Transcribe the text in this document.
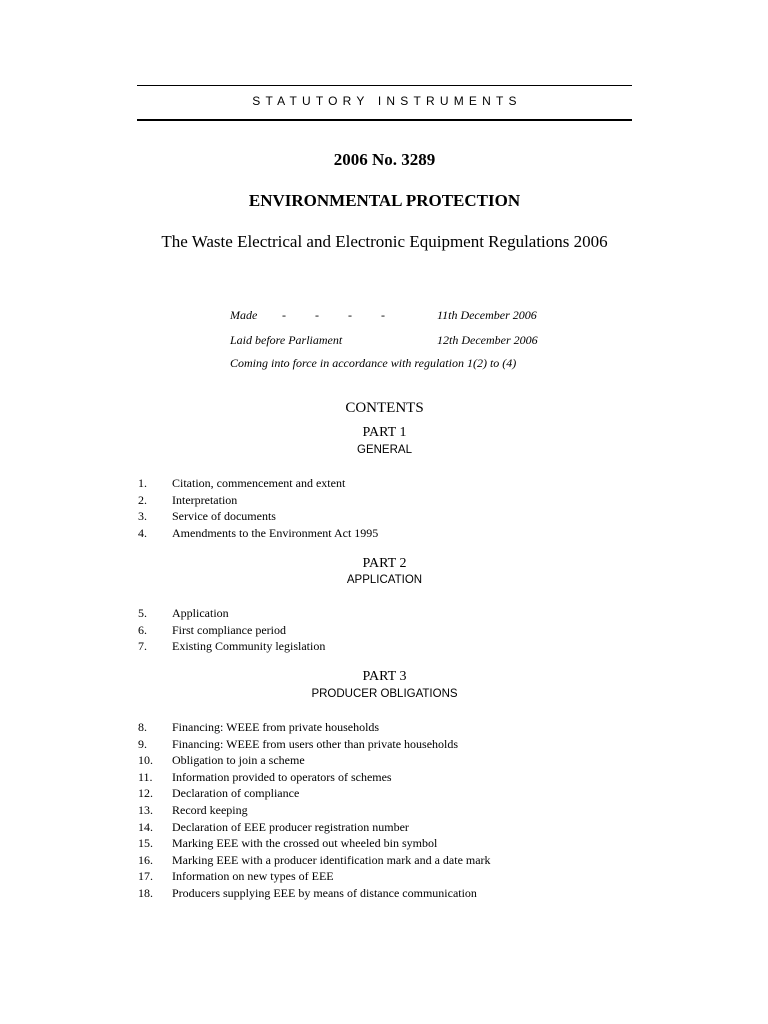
STATUTORY INSTRUMENTS
2006 No. 3289
ENVIRONMENTAL PROTECTION
The Waste Electrical and Electronic Equipment Regulations 2006
Made - - - -	11th December 2006
Laid before Parliament	12th December 2006
Coming into force in accordance with regulation 1(2) to (4)
CONTENTS
PART 1
GENERAL
1. Citation, commencement and extent
2. Interpretation
3. Service of documents
4. Amendments to the Environment Act 1995
PART 2
APPLICATION
5. Application
6. First compliance period
7. Existing Community legislation
PART 3
PRODUCER OBLIGATIONS
8. Financing: WEEE from private households
9. Financing: WEEE from users other than private households
10. Obligation to join a scheme
11. Information provided to operators of schemes
12. Declaration of compliance
13. Record keeping
14. Declaration of EEE producer registration number
15. Marking EEE with the crossed out wheeled bin symbol
16. Marking EEE with a producer identification mark and a date mark
17. Information on new types of EEE
18. Producers supplying EEE by means of distance communication
